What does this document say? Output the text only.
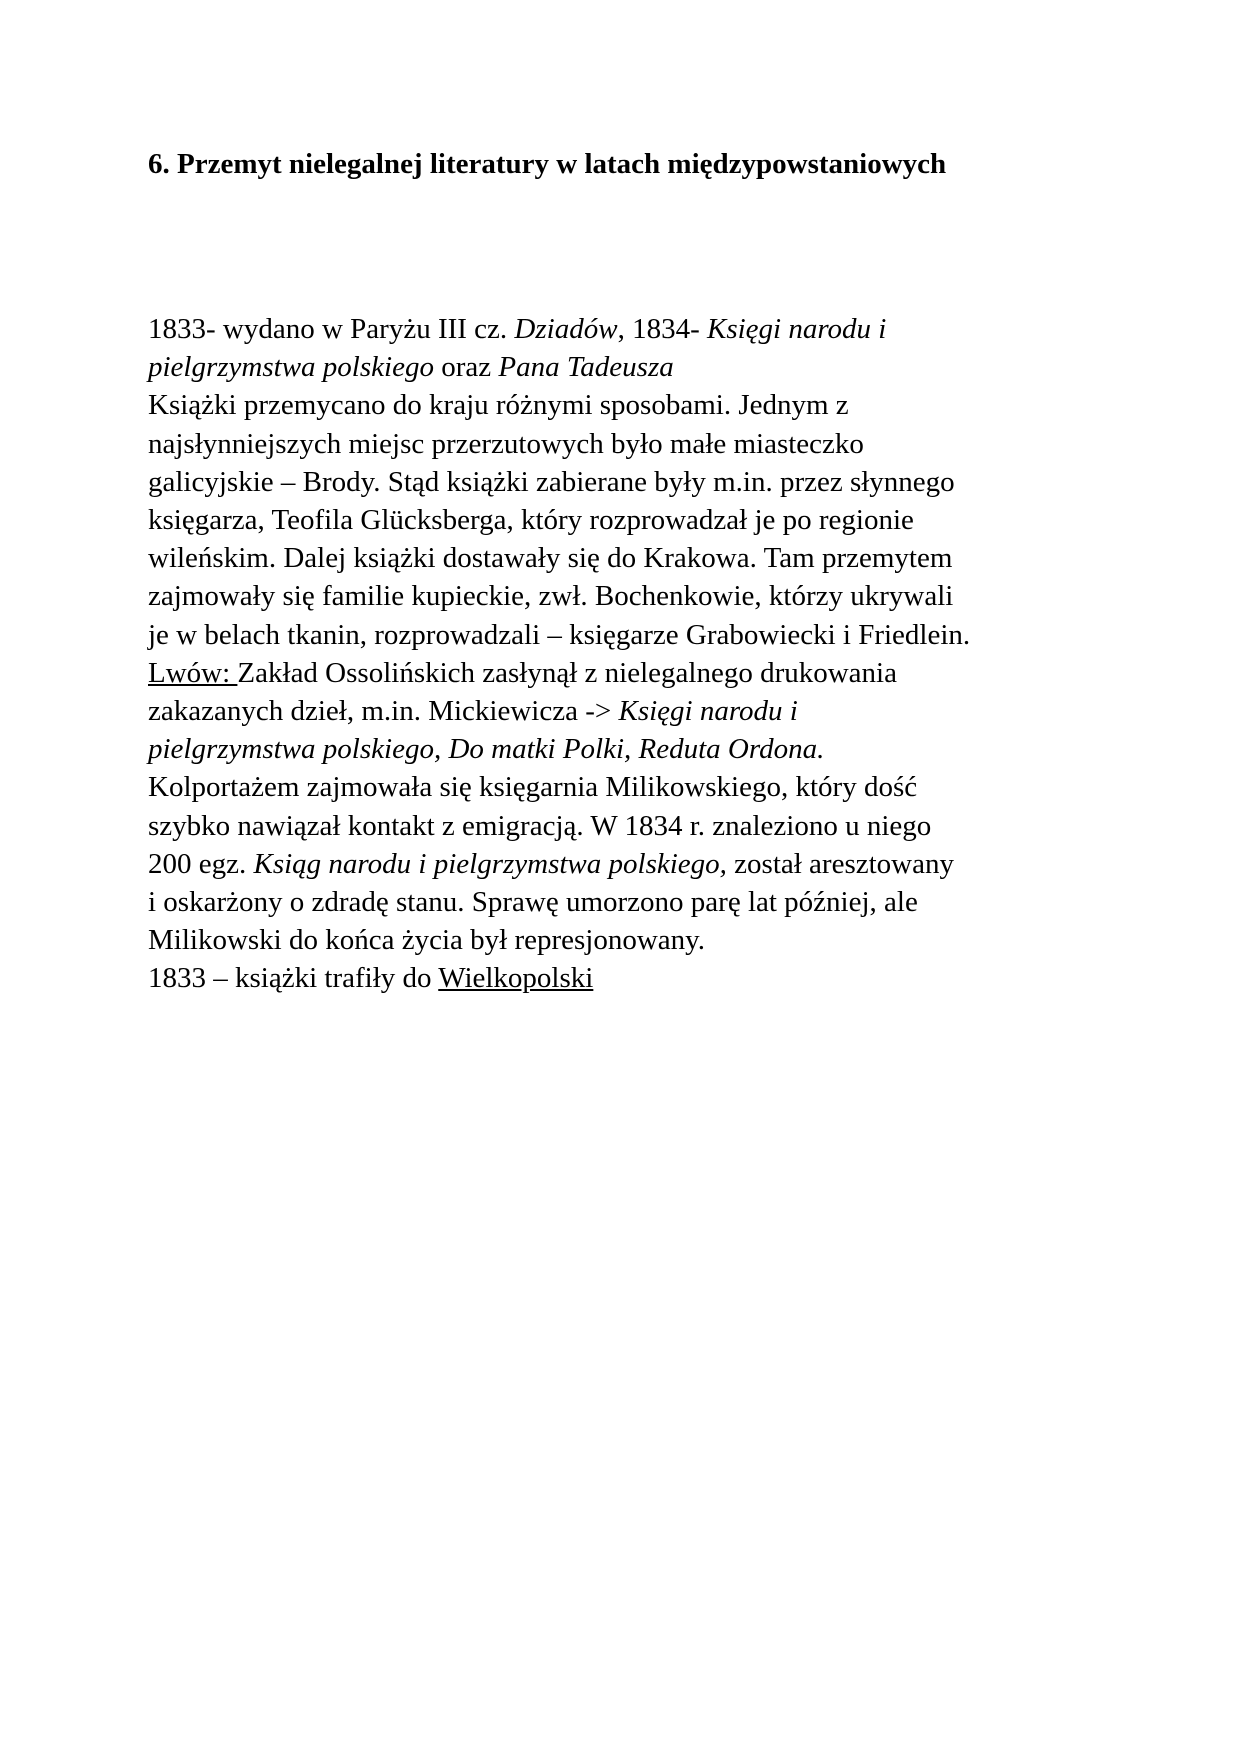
6. Przemyt nielegalnej literatury w latach międzypowstaniowych
1833- wydano w Paryżu III cz. Dziadów, 1834- Księgi narodu i
pielgrzymstwa polskiego oraz Pana Tadeusza
Książki przemycano do kraju różnymi sposobami. Jednym z
najsłynniejszych miejsc przerzutowych było małe miasteczko
galicyjskie – Brody. Stąd książki zabierane były m.in. przez słynnego
księgarza, Teofila Glücksberga, który rozprowadzał je po regionie
wileńskim. Dalej książki dostawały się do Krakowa. Tam przemytem
zajmowały się familie kupieckie, zwł. Bochenkowie, którzy ukrywali
je w belach tkanin, rozprowadzali – księgarze Grabowiecki i Friedlein.
Lwów: Zakład Ossolińskich zasłynął z nielegalnego drukowania
zakazanych dzieł, m.in. Mickiewicza -> Księgi narodu i
pielgrzymstwa polskiego, Do matki Polki, Reduta Ordona.
Kolportażem zajmowała się księgarnia Milikowskiego, który dość
szybko nawiązał kontakt z emigracją. W 1834 r. znaleziono u niego
200 egz. Ksiąg narodu i pielgrzymstwa polskiego, został aresztowany
i oskarżony o zdradę stanu. Sprawę umorzono parę lat później, ale
Milikowski do końca życia był represjonowany.
1833 – książki trafiły do Wielkopolski
